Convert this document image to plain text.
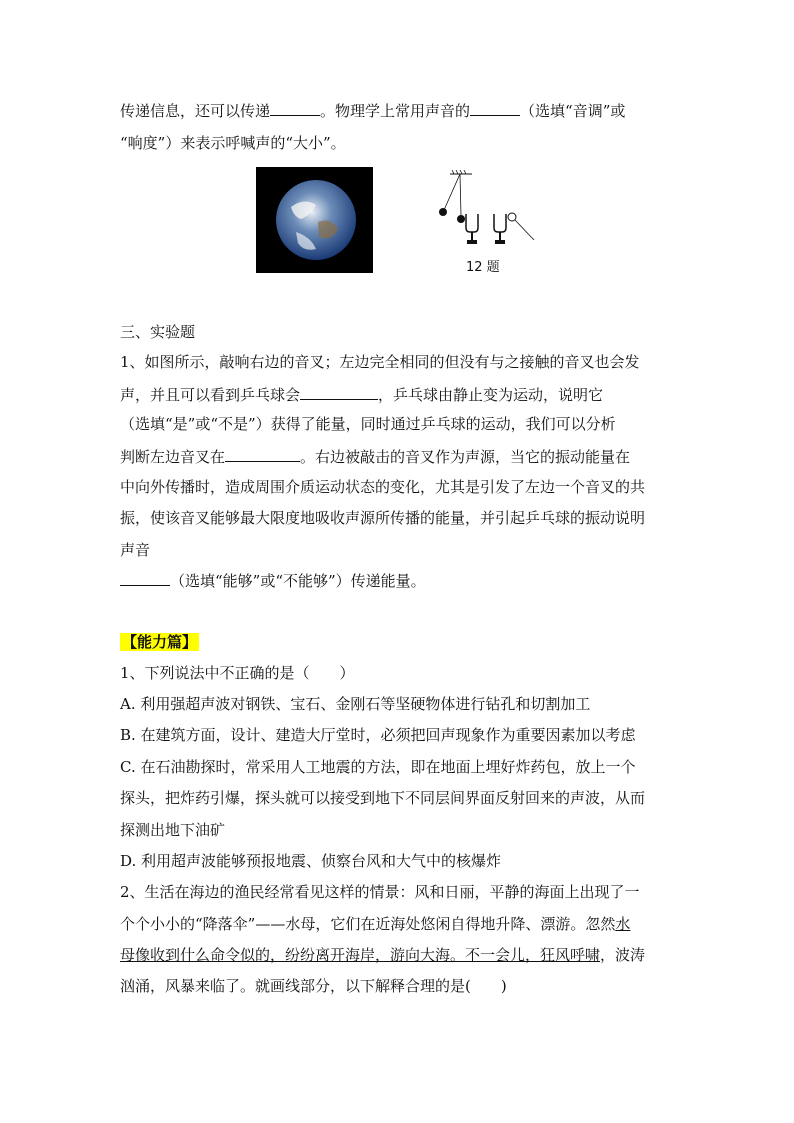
传递信息，还可以传递	。物理学上常用声音的	（选填“音调”或
“响度”）来表示呼喊声的“大小”。
12 题
三、实验题
1、如图所示，敲响右边的音叉；左边完全相同的但没有与之接触的音叉也会发
声，并且可以看到乒乓球会	，乒乓球由静止变为运动，说明它
（选填“是”或“不是”）获得了能量，同时通过乒乓球的运动，我们可以分析
判断左边音叉在	。右边被敲击的音叉作为声源，当它的振动能量在
中向外传播时，造成周围介质运动状态的变化，尤其是引发了左边一个音叉的共
振，使该音叉能够最大限度地吸收声源所传播的能量，并引起乒乓球的振动说明
声音
（选填“能够”或“不能够”）传递能量。
【能力篇】
1、下列说法中不正确的是（　　）
A. 利用强超声波对钢铁、宝石、金刚石等坚硬物体进行钻孔和切割加工
B. 在建筑方面，设计、建造大厅堂时，必须把回声现象作为重要因素加以考虑
C. 在石油勘探时，常采用人工地震的方法，即在地面上埋好炸药包，放上一个
探头，把炸药引爆，探头就可以接受到地下不同层间界面反射回来的声波，从而
探测出地下油矿
D. 利用超声波能够预报地震、侦察台风和大气中的核爆炸
2、生活在海边的渔民经常看见这样的情景：风和日丽，平静的海面上出现了一
个个小小的“降落伞”——水母，它们在近海处悠闲自得地升降、漂游。忽然水
母像收到什么命令似的，纷纷离开海岸，游向大海。不一会儿，狂风呼啸，波涛
汹涌，风暴来临了。就画线部分，以下解释合理的是(　　)
